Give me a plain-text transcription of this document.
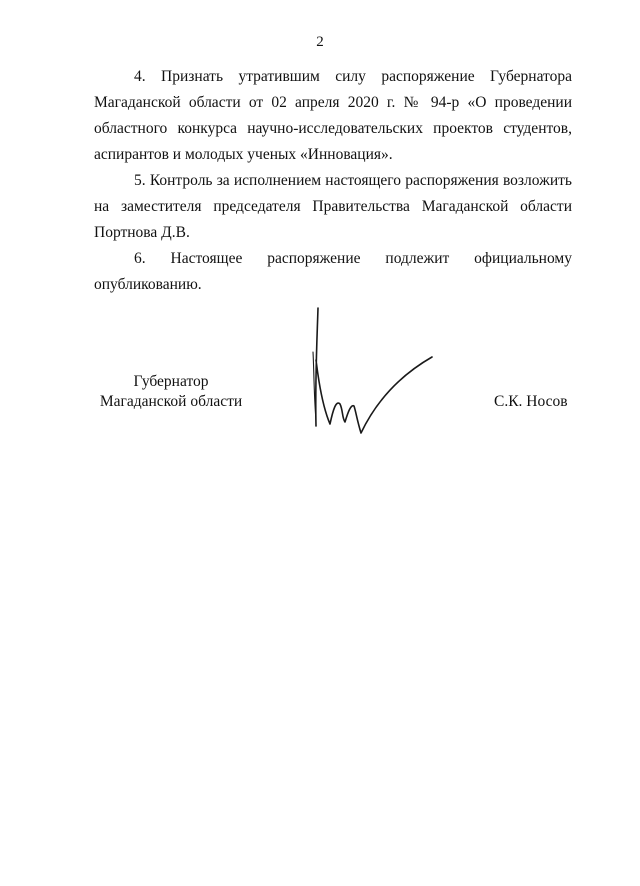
2

4. Признать утратившим силу распоряжение Губернатора Магаданской области от 02 апреля 2020 г. № 94-р «О проведении областного конкурса научно-исследовательских проектов студентов, аспирантов и молодых ученых «Инновация».

5. Контроль за исполнением настоящего распоряжения возложить на заместителя председателя Правительства Магаданской области Портнова Д.В.

6. Настоящее распоряжение подлежит официальному

опубликованию.

Губернатор
Магаданской области	С.К. Носов
